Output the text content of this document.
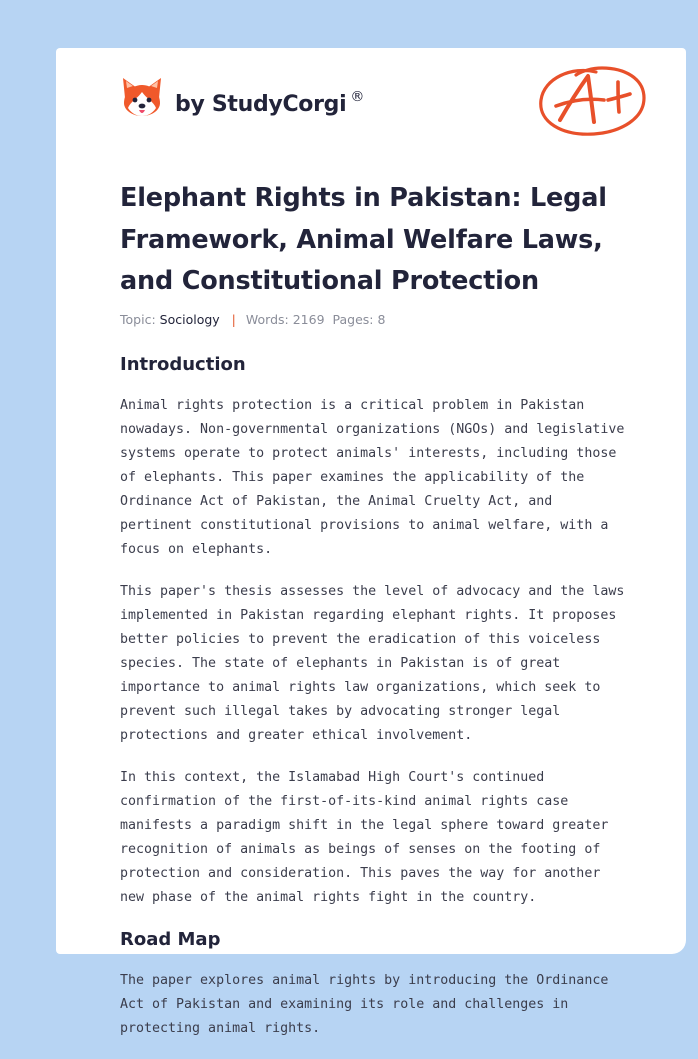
by StudyCorgi ®
Elephant Rights in Pakistan: Legal Framework, Animal Welfare Laws, and Constitutional Protection
Topic: Sociology | Words: 2169 Pages: 8
Introduction

Animal rights protection is a critical problem in Pakistan nowadays. Non-governmental organizations (NGOs) and legislative systems operate to protect animals' interests, including those of elephants. This paper examines the applicability of the Ordinance Act of Pakistan, the Animal Cruelty Act, and pertinent constitutional provisions to animal welfare, with a focus on elephants.

This paper's thesis assesses the level of advocacy and the laws implemented in Pakistan regarding elephant rights. It proposes better policies to prevent the eradication of this voiceless species. The state of elephants in Pakistan is of great importance to animal rights law organizations, which seek to prevent such illegal takes by advocating stronger legal protections and greater ethical involvement.

In this context, the Islamabad High Court's continued confirmation of the first-of-its-kind animal rights case manifests a paradigm shift in the legal sphere toward greater recognition of animals as beings of senses on the footing of protection and consideration. This paves the way for another new phase of the animal rights fight in the country.

Road Map

The paper explores animal rights by introducing the Ordinance Act of Pakistan and examining its role and challenges in protecting animal rights.
